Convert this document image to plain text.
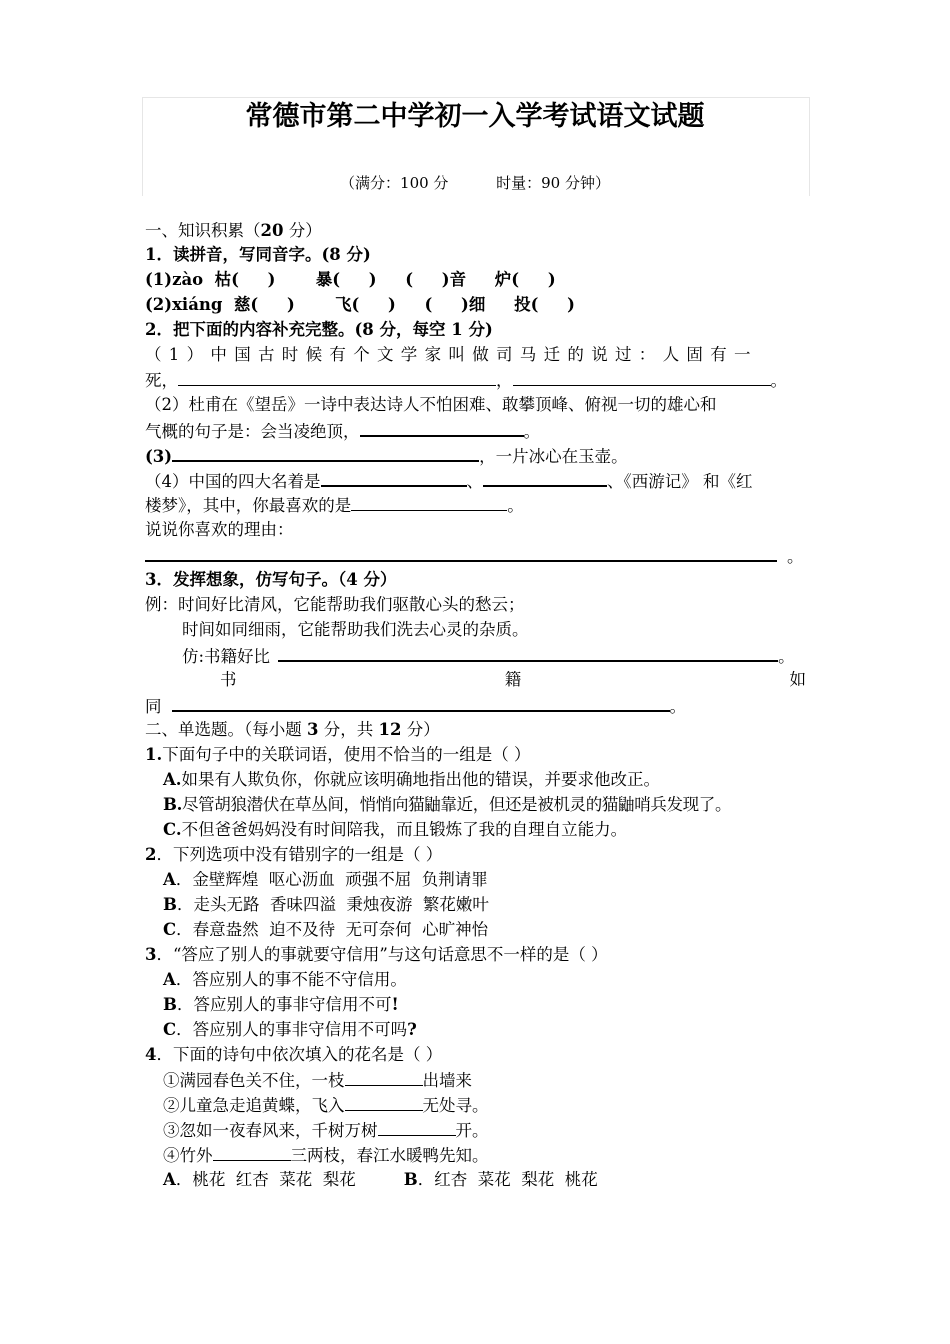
常德市第二中学初一入学考试语文试题
（满分：100 分          时量：90 分钟）
一、知识积累（20 分）
1．读拼音，写同音字。(8 分)
(1)zào  枯(     )       暴(     )     (     )音     炉(     )
(2)xiáng  慈(     )       飞(     )     (     )细     投(     )
2．把下面的内容补充完整。(8 分，每空 1 分)
（1）中国古时候有个文学家叫做司马迁的说过：人固有一
死，	，	。
（2）杜甫在《望岳》一诗中表达诗人不怕困难、敢攀顶峰、俯视一切的雄心和
气概的句子是：会当凌绝顶，	。
(3)	，一片冰心在玉壶。
（4）中国的四大名着是	、	、《西游记》 和《红
楼梦》，其中，你最喜欢的是	。
说说你喜欢的理由：
。
3．发挥想象，仿写句子。（4 分）
例：时间好比清风，它能帮助我们驱散心头的愁云；
时间如同细雨，它能帮助我们洗去心灵的杂质。
仿:书籍好比	。
书	籍	如
同	。
二、单选题。（每小题 3 分，共 12 分）
1.下面句子中的关联词语，使用不恰当的一组是（ ）
A.如果有人欺负你，你就应该明确地指出他的错误，并要求他改正。
B.尽管胡狼潜伏在草丛间，悄悄向猫鼬靠近，但还是被机灵的猫鼬哨兵发现了。
C.不但爸爸妈妈没有时间陪我，而且锻炼了我的自理自立能力。
2．下列选项中没有错别字的一组是（ ）
A．金壁辉煌  呕心沥血  顽强不屈  负荆请罪
B．走头无路  香味四溢  秉烛夜游  繁花嫩叶
C．春意盎然  迫不及待  无可奈何  心旷神怡
3．“答应了别人的事就要守信用”与这句话意思不一样的是（ ）
A．答应别人的事不能不守信用。
B．答应别人的事非守信用不可!
C．答应别人的事非守信用不可吗?
4．下面的诗句中依次填入的花名是（ ）
①满园春色关不住，一枝	出墙来
②儿童急走追黄蝶，飞入	无处寻。
③忽如一夜春风来，千树万树	开。
④竹外	三两枝，春江水暖鸭先知。
A．桃花  红杏  菜花  梨花	B．红杏  菜花  梨花  桃花
